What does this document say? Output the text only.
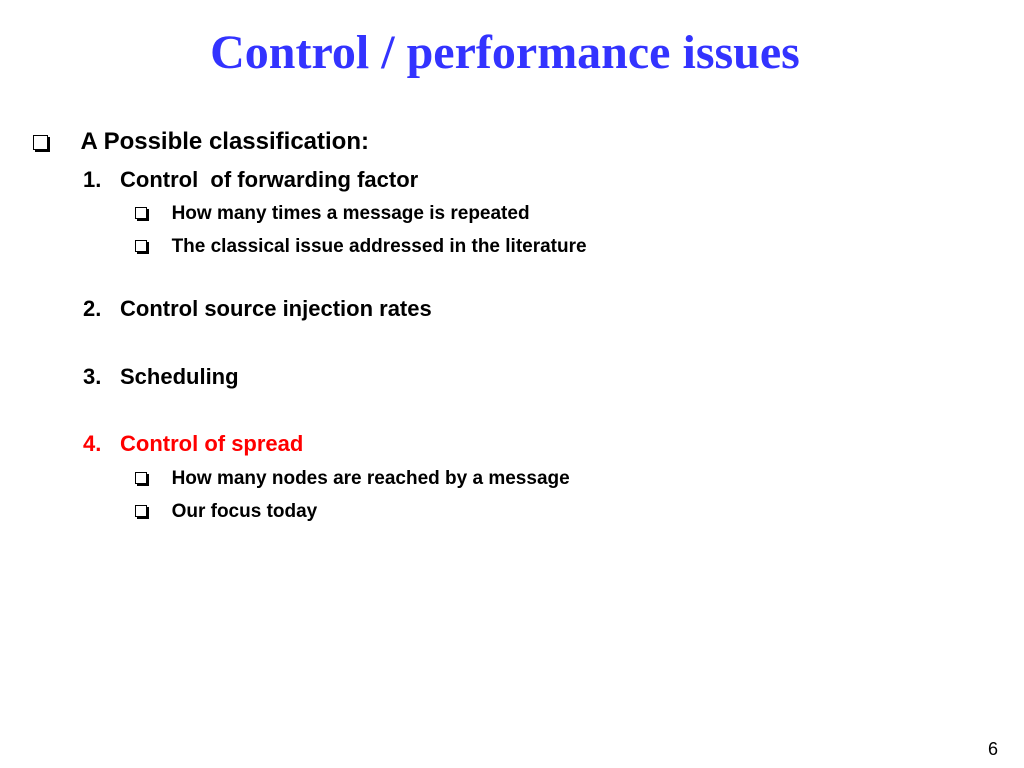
Control / performance issues
A Possible classification:
1. Control  of forwarding factor
How many times a message is repeated
The classical issue addressed in the literature
2. Control source injection rates
3. Scheduling
4. Control of spread
How many nodes are reached by a message
Our focus today
6
